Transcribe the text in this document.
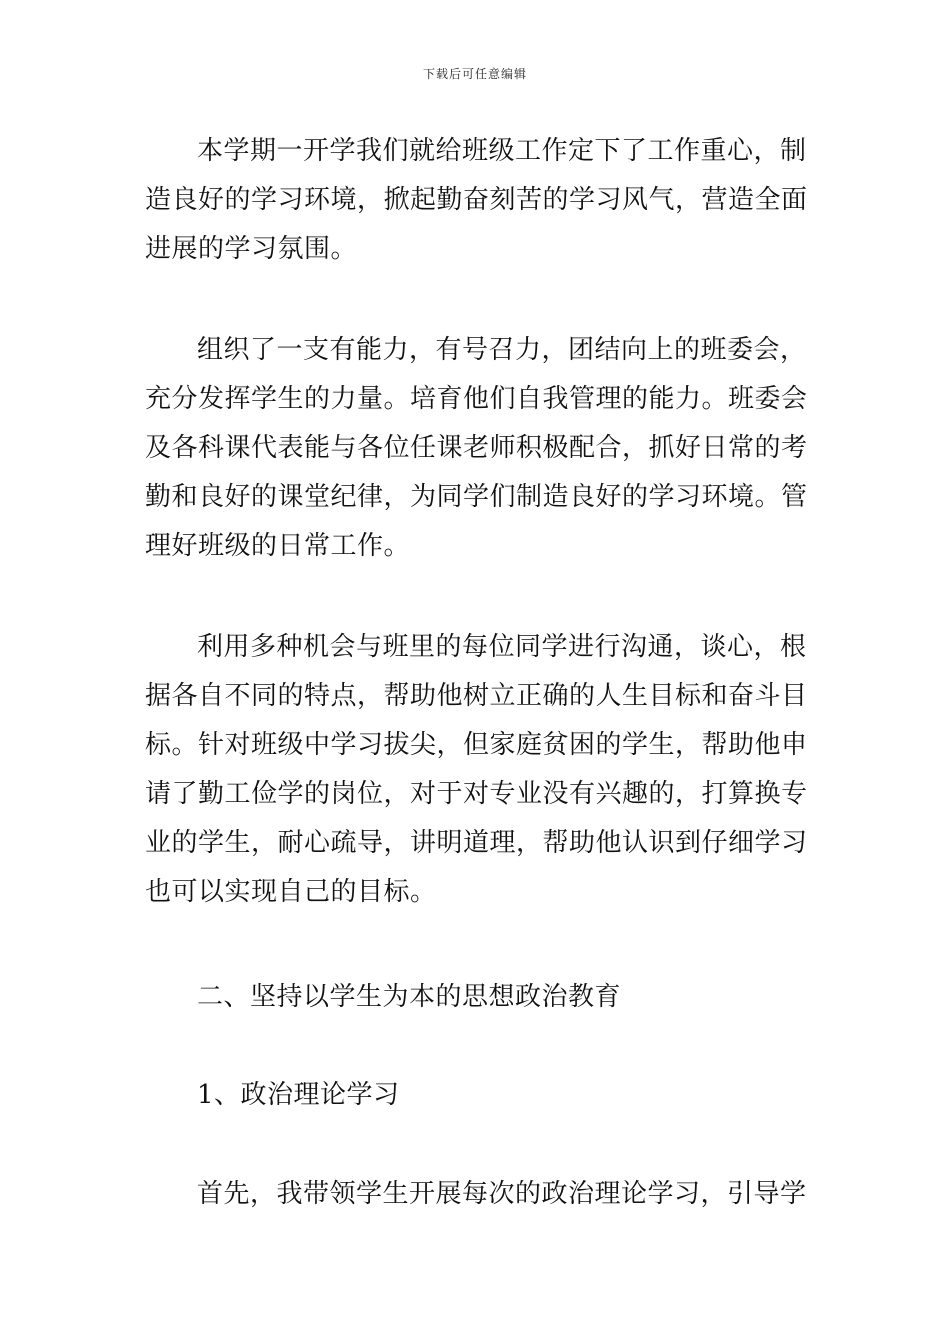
下载后可任意编辑

本学期一开学我们就给班级工作定下了工作重心，制造良好的学习环境，掀起勤奋刻苦的学习风气，营造全面进展的学习氛围。

组织了一支有能力，有号召力，团结向上的班委会，充分发挥学生的力量。培育他们自我管理的能力。班委会及各科课代表能与各位任课老师积极配合，抓好日常的考勤和良好的课堂纪律，为同学们制造良好的学习环境。管理好班级的日常工作。

利用多种机会与班里的每位同学进行沟通，谈心，根据各自不同的特点，帮助他树立正确的人生目标和奋斗目标。针对班级中学习拔尖，但家庭贫困的学生，帮助他申请了勤工俭学的岗位，对于对专业没有兴趣的，打算换专业的学生，耐心疏导，讲明道理，帮助他认识到仔细学习也可以实现自己的目标。

二、坚持以学生为本的思想政治教育

1、政治理论学习

首先，我带领学生开展每次的政治理论学习，引导学
